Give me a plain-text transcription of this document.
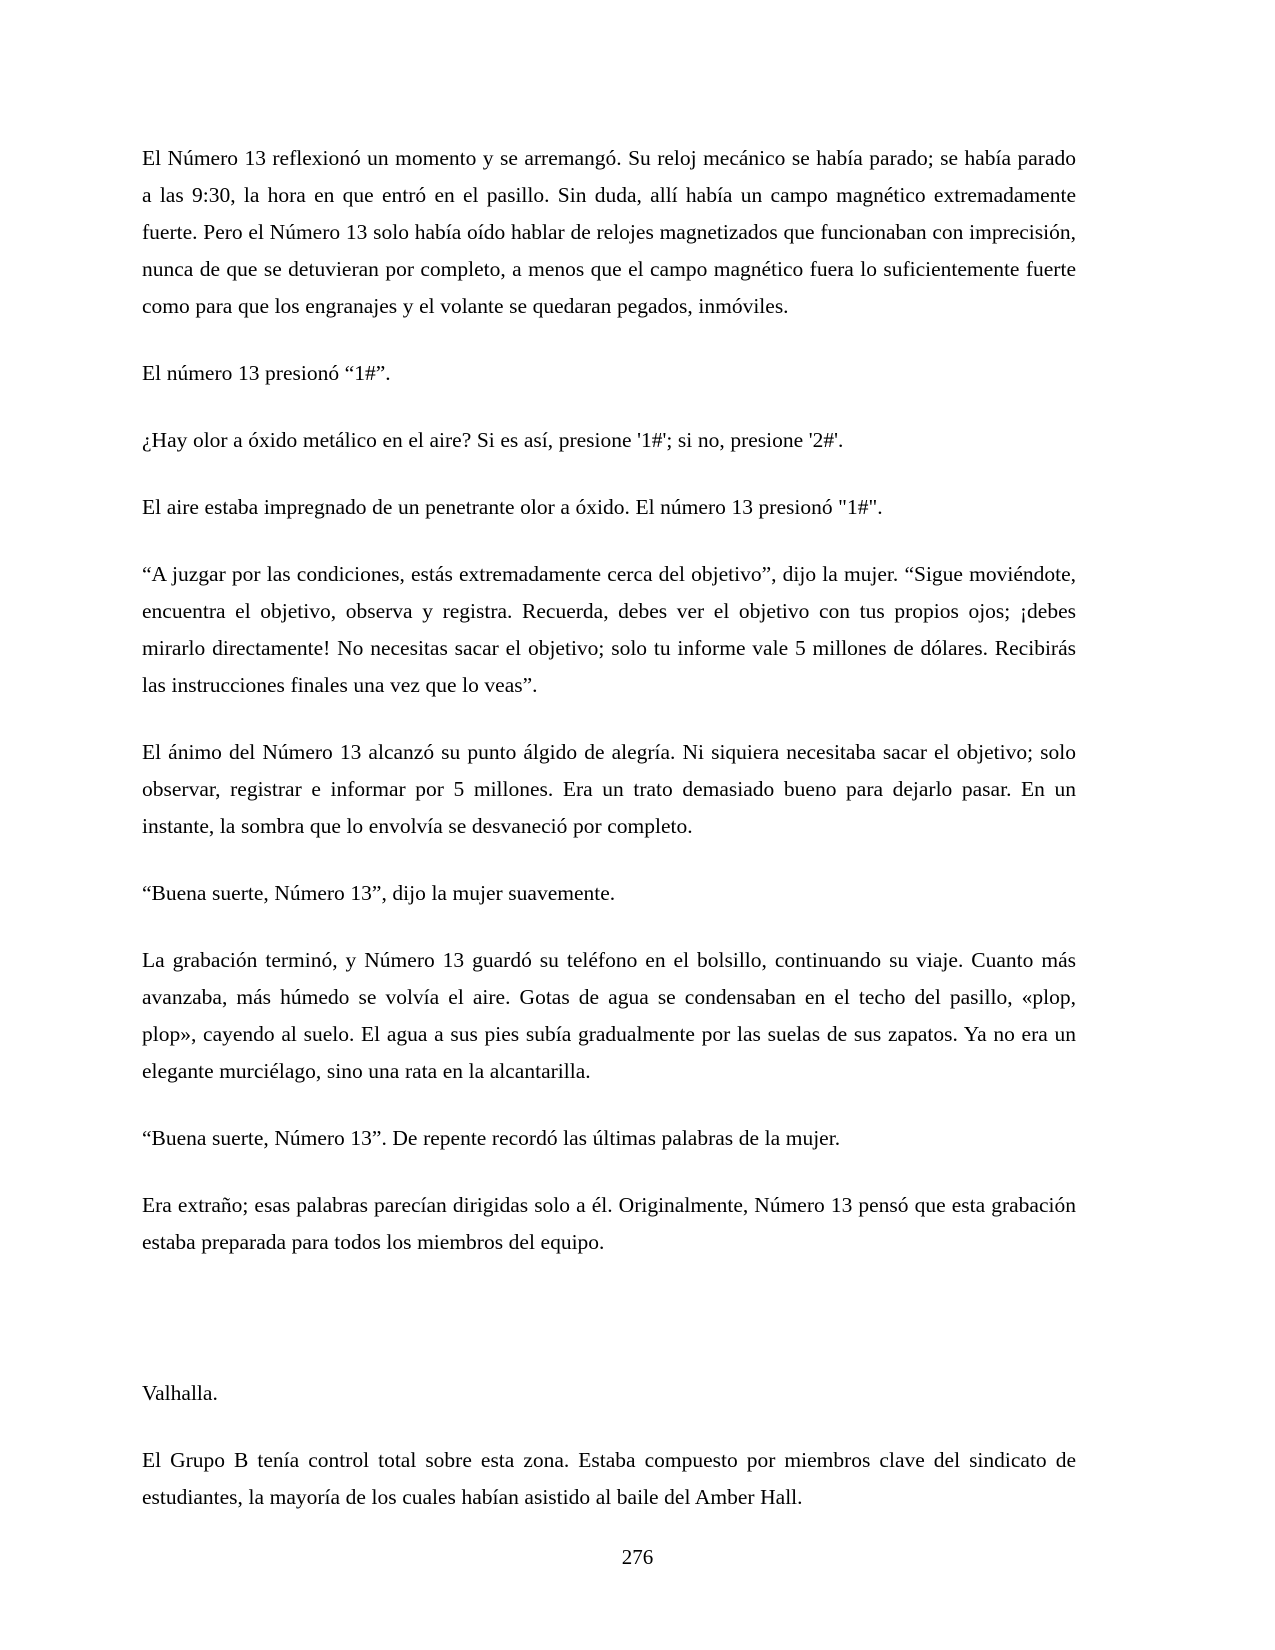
El Número 13 reflexionó un momento y se arremangó. Su reloj mecánico se había parado; se había parado a las 9:30, la hora en que entró en el pasillo. Sin duda, allí había un campo magnético extremadamente fuerte. Pero el Número 13 solo había oído hablar de relojes magnetizados que funcionaban con imprecisión, nunca de que se detuvieran por completo, a menos que el campo magnético fuera lo suficientemente fuerte como para que los engranajes y el volante se quedaran pegados, inmóviles.

El número 13 presionó “1#”.

¿Hay olor a óxido metálico en el aire? Si es así, presione '1#'; si no, presione '2#'.

El aire estaba impregnado de un penetrante olor a óxido. El número 13 presionó "1#".

“A juzgar por las condiciones, estás extremadamente cerca del objetivo”, dijo la mujer. “Sigue moviéndote, encuentra el objetivo, observa y registra. Recuerda, debes ver el objetivo con tus propios ojos; ¡debes mirarlo directamente! No necesitas sacar el objetivo; solo tu informe vale 5 millones de dólares. Recibirás las instrucciones finales una vez que lo veas”.

El ánimo del Número 13 alcanzó su punto álgido de alegría. Ni siquiera necesitaba sacar el objetivo; solo observar, registrar e informar por 5 millones. Era un trato demasiado bueno para dejarlo pasar. En un instante, la sombra que lo envolvía se desvaneció por completo.

“Buena suerte, Número 13”, dijo la mujer suavemente.

La grabación terminó, y Número 13 guardó su teléfono en el bolsillo, continuando su viaje. Cuanto más avanzaba, más húmedo se volvía el aire. Gotas de agua se condensaban en el techo del pasillo, «plop, plop», cayendo al suelo. El agua a sus pies subía gradualmente por las suelas de sus zapatos. Ya no era un elegante murciélago, sino una rata en la alcantarilla.

“Buena suerte, Número 13”. De repente recordó las últimas palabras de la mujer.

Era extraño; esas palabras parecían dirigidas solo a él. Originalmente, Número 13 pensó que esta grabación estaba preparada para todos los miembros del equipo.

Valhalla.

El Grupo B tenía control total sobre esta zona. Estaba compuesto por miembros clave del sindicato de estudiantes, la mayoría de los cuales habían asistido al baile del Amber Hall.

276
